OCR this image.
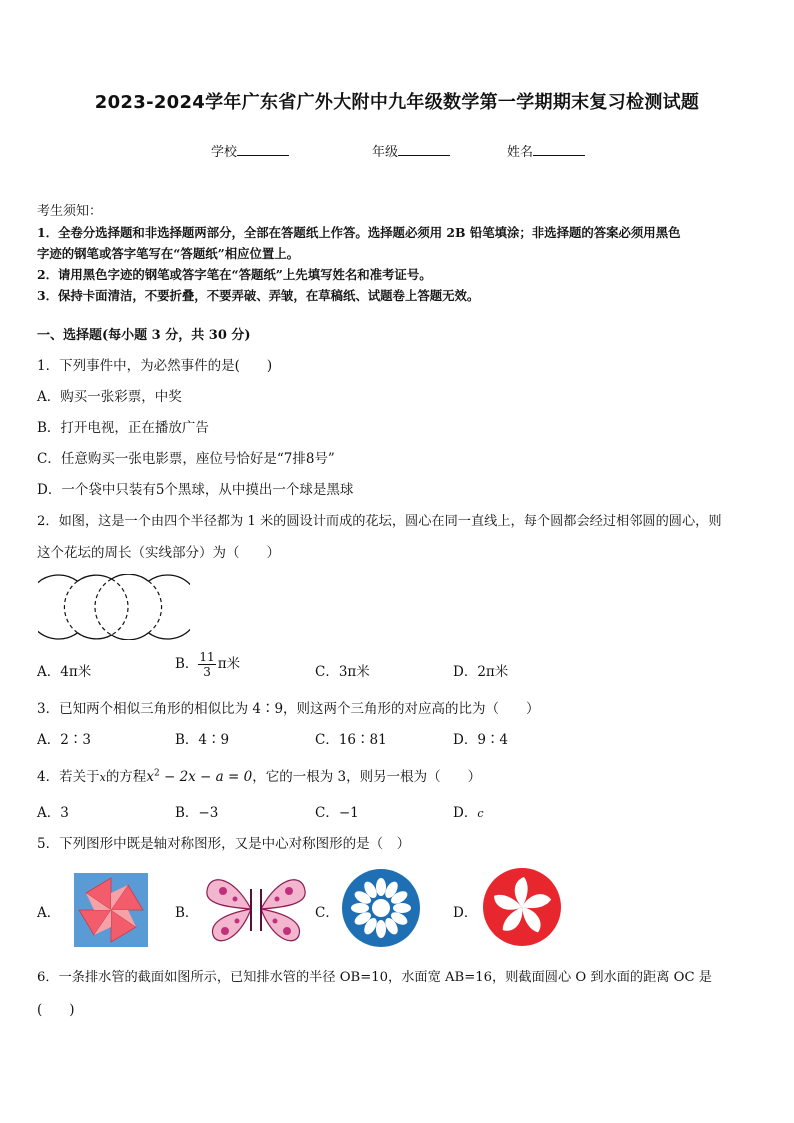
2023-2024学年广东省广外大附中九年级数学第一学期期末复习检测试题
学校	年级	姓名
考生须知：
1．全卷分选择题和非选择题两部分，全部在答题纸上作答。选择题必须用 2B 铅笔填涂；非选择题的答案必须用黑色
字迹的钢笔或答字笔写在“答题纸”相应位置上。
2．请用黑色字迹的钢笔或答字笔在“答题纸”上先填写姓名和准考证号。
3．保持卡面清洁，不要折叠，不要弄破、弄皱，在草稿纸、试题卷上答题无效。
一、选择题(每小题 3 分，共 30 分)
1．下列事件中，为必然事件的是(　　)
A．购买一张彩票，中奖
B．打开电视，正在播放广告
C．任意购买一张电影票，座位号恰好是“7排8号”
D．一个袋中只装有5个黑球，从中摸出一个球是黑球
2．如图，这是一个由四个半径都为 1 米的圆设计而成的花坛，圆心在同一直线上，每个圆都会经过相邻圆的圆心，则
这个花坛的周长（实线部分）为（　　）
A．4π米	B． $\frac{11}{3}$ π米	C．3π米	D．2π米
3．已知两个相似三角形的相似比为 4∶9，则这两个三角形的对应高的比为（　　）
A．2∶3	B．4∶9	C．16∶81	D．9∶4
4．若关于x的方程$x^2 - 2x - a = 0$，它的一根为 3，则另一根为（　　）
A．3	B．−3	C．−1	D．c
5．下列图形中既是轴对称图形，又是中心对称图形的是（　）
A．	B．	C．	D．
6．一条排水管的截面如图所示，已知排水管的半径 OB=10，水面宽 AB=16，则截面圆心 O 到水面的距离 OC 是
(　　)
